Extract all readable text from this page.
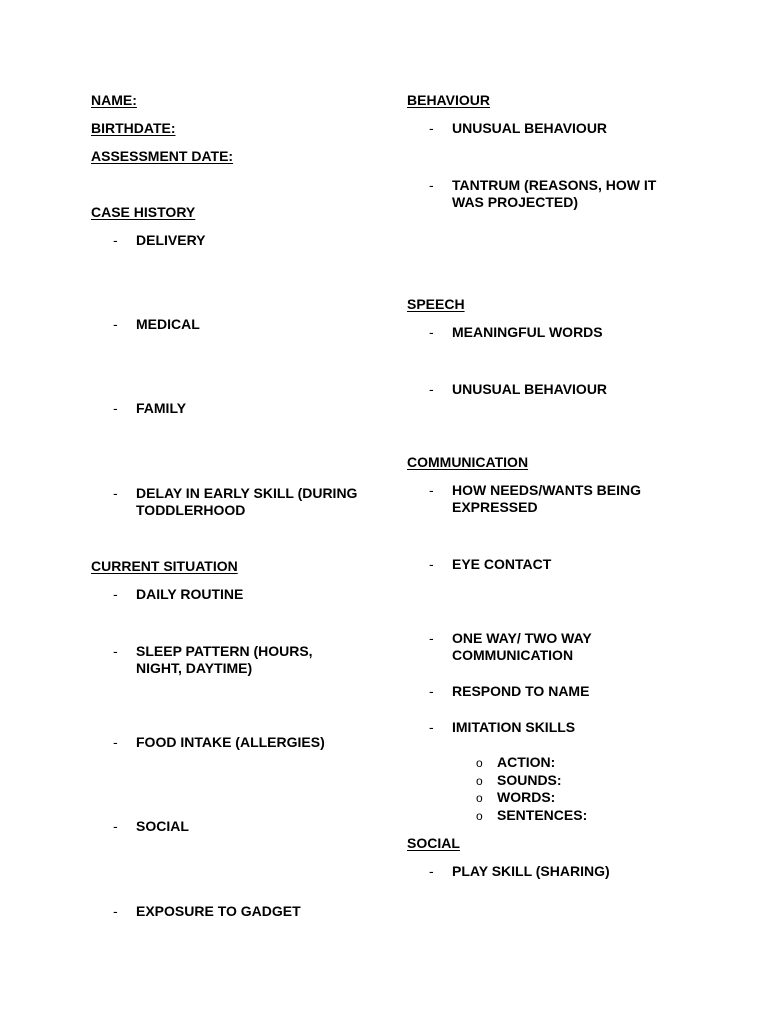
NAME:
BIRTHDATE:
ASSESSMENT DATE:
CASE HISTORY
- DELIVERY
- MEDICAL
- FAMILY
- DELAY IN EARLY SKILL (DURING
TODDLERHOOD
CURRENT SITUATION
- DAILY ROUTINE
- SLEEP PATTERN (HOURS,
NIGHT, DAYTIME)
- FOOD INTAKE (ALLERGIES)
- SOCIAL
- EXPOSURE TO GADGET
BEHAVIOUR
- UNUSUAL BEHAVIOUR
- TANTRUM (REASONS, HOW IT
WAS PROJECTED)
SPEECH
- MEANINGFUL WORDS
- UNUSUAL BEHAVIOUR
COMMUNICATION
- HOW NEEDS/WANTS BEING
EXPRESSED
- EYE CONTACT
- ONE WAY/ TWO WAY
COMMUNICATION
- RESPOND TO NAME
- IMITATION SKILLS
o ACTION:
o SOUNDS:
o WORDS:
o SENTENCES:
SOCIAL
- PLAY SKILL (SHARING)
